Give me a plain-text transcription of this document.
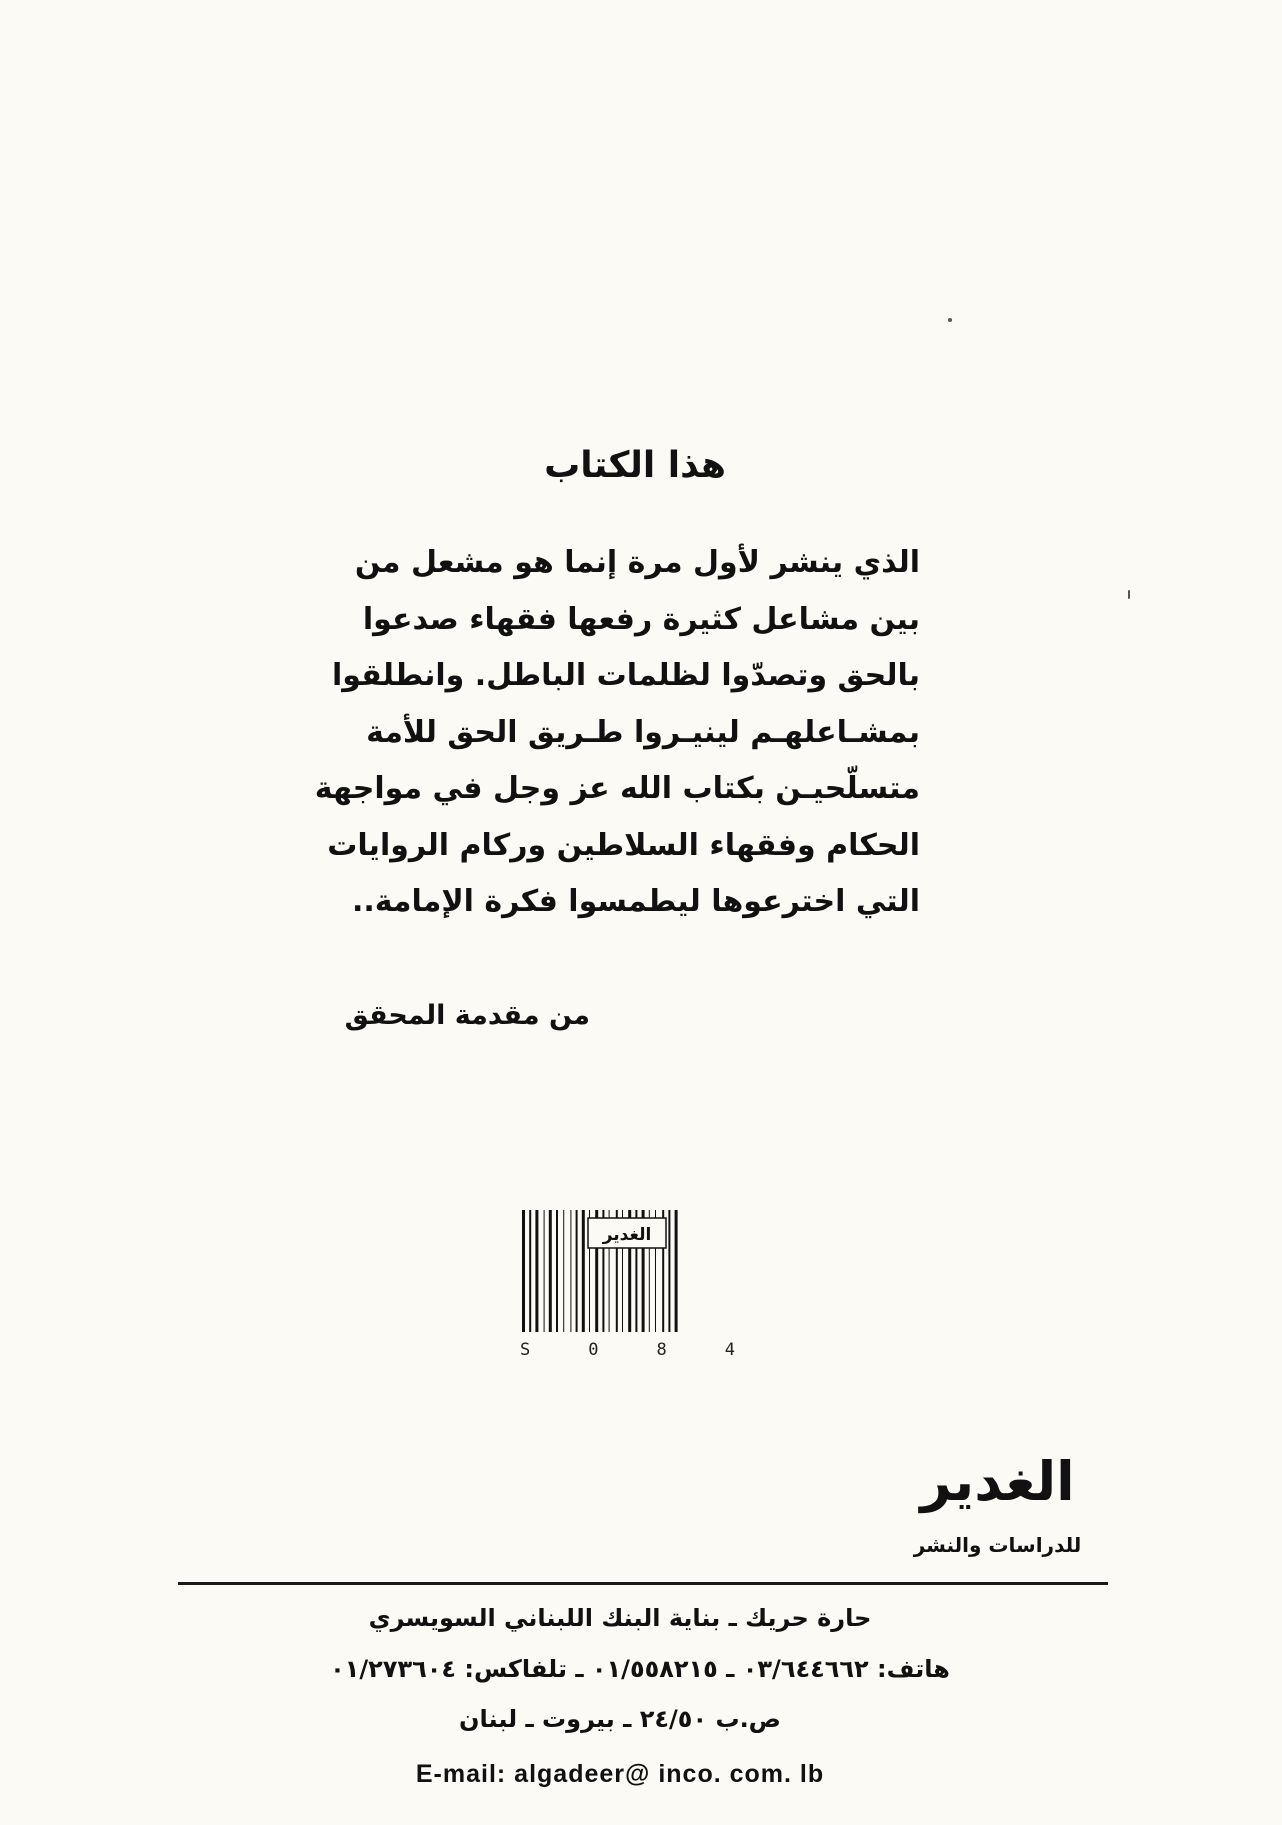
هذا الكتاب
الذي ينشر لأول مرة إنما هو مشعل من
بين مشاعل كثيرة رفعها فقهاء صدعوا
بالحق وتصدّوا لظلمات الباطل. وانطلقوا
بمشـاعلهـم لينيـروا طـريق الحق للأمة
متسلّحيـن بكتاب الله عز وجل في مواجهة
الحكام وفقهاء السلاطين وركام الروايات
التي اخترعوها ليطمسوا فكرة الإمامة..
من مقدمة المحقق
الغدير
S	0	8	4
الغدير
للدراسات والنشر
حارة حريك ـ بناية البنك اللبناني السويسري
هاتف: ٠٣/٦٤٤٦٦٢ ـ ٠١/٥٥٨٢١٥ ـ تلفاكس: ٠١/٢٧٣٦٠٤
ص.ب ٢٤/٥٠ ـ بيروت ـ لبنان
E-mail: algadeer@ inco. com. lb
